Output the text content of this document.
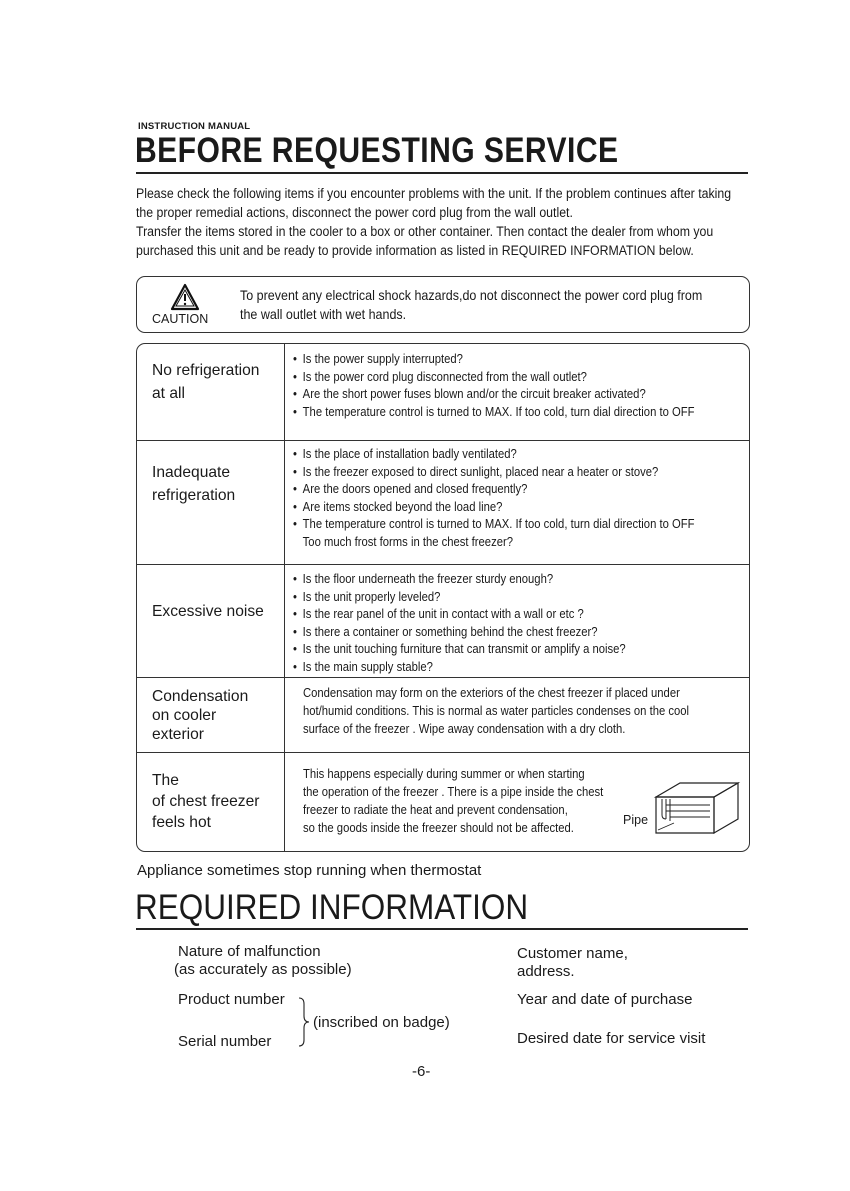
INSTRUCTION MANUAL
BEFORE REQUESTING SERVICE

Please check the following items if you encounter problems with the unit. If the problem continues after taking

the proper remedial actions, disconnect the power cord plug from the wall outlet.

Transfer the items stored in the cooler to a box or other container. Then contact the dealer from whom you

purchased this unit and be ready to provide information as listed in REQUIRED INFORMATION below.

CAUTION
To prevent any electrical shock hazards,do not disconnect the power cord plug from
the wall outlet with wet hands.
No refrigeration
at all
• Is the power supply interrupted?
• Is the power cord plug disconnected from the wall outlet?
• Are the short power fuses blown and/or the circuit breaker activated?
• The temperature control is turned to MAX. If too cold, turn dial direction to OFF
Inadequate
refrigeration
• Is the place of installation badly ventilated?
• Is the freezer exposed to direct sunlight, placed near a heater or stove?
• Are the doors opened and closed frequently?
• Are items stocked beyond the load line?
• The temperature control is turned to MAX. If too cold, turn dial direction to OFF
Too much frost forms in the chest freezer?
Excessive noise
• Is the floor underneath the freezer sturdy enough?
• Is the unit properly leveled?
• Is the rear panel of the unit in contact with a wall or etc ?
• Is there a container or something behind the chest freezer?
• Is the unit touching furniture that can transmit or amplify a noise?
• Is the main supply stable?
Condensation
on cooler
exterior
Condensation may form on the exteriors of the chest freezer if placed under
hot/humid conditions. This is normal as water particles condenses on the cool
surface of the freezer . Wipe away condensation with a dry cloth.
The
of chest freezer
feels hot
This happens especially during summer or when starting
the operation of the freezer . There is a pipe inside the chest
freezer to radiate the heat and prevent condensation,
so the goods inside the freezer should not be affected.	Pipe
Appliance sometimes stop running when thermostat
REQUIRED INFORMATION
Nature of malfunction
(as accurately as possible)
Product number
Serial number
(inscribed on badge)
Customer name,
address.
Year and date of purchase
Desired date for service visit
-6-
